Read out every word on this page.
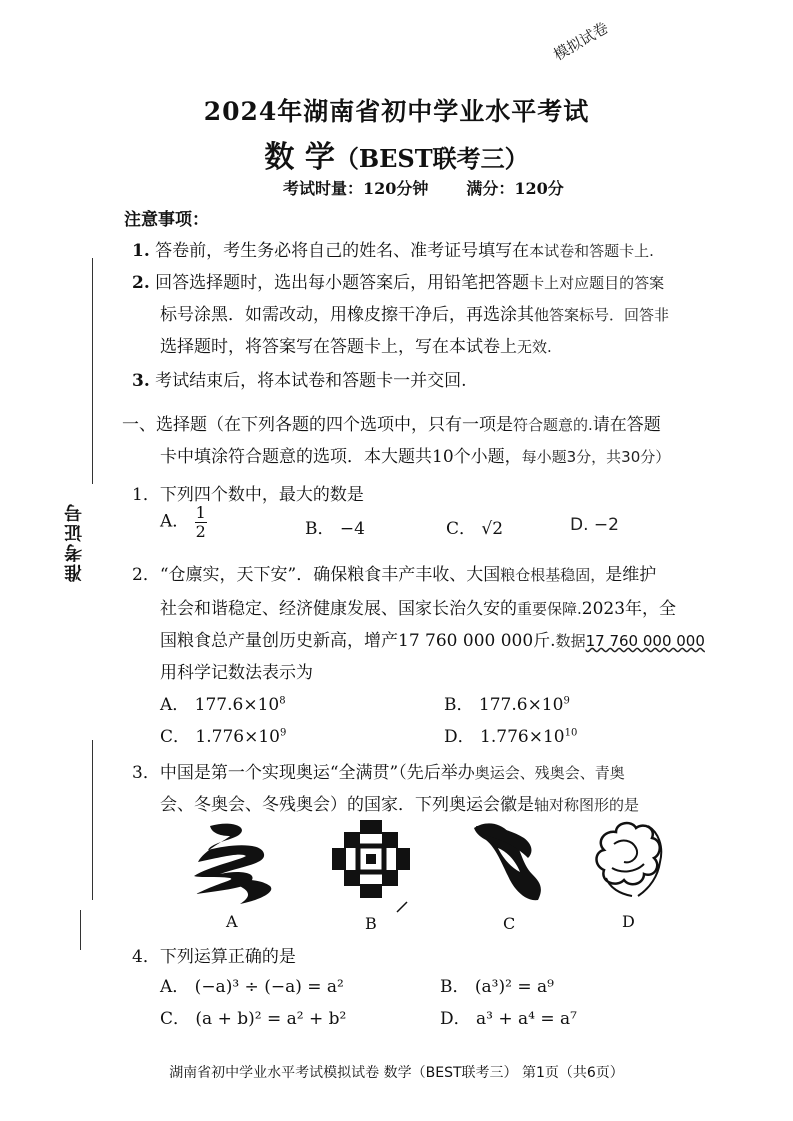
2024年湖南省初中学业水平考试
模拟试卷
数 学（BEST联考三）
考试时量：120分钟 满分：120分
注意事项：
1. 答卷前，考生务必将自己的姓名、准考证号填写在本试卷和答题卡上.
2. 回答选择题时，选出每小题答案后，用铅笔把答题卡上对应题目的答案
标号涂黑．如需改动，用橡皮擦干净后，再选涂其他答案标号．回答非
选择题时，将答案写在答题卡上，写在本试卷上无效.
3. 考试结束后，将本试卷和答题卡一并交回.
一、选择题（在下列各题的四个选项中，只有一项是符合题意的.请在答题
卡中填涂符合题意的选项．本大题共10个小题，每小题3分，共30分）
1．下列四个数中，最大的数是
A． $\frac{1}{2}$	B． −4	C． √2	D. −2
2．“仓廪实，天下安”．确保粮食丰产丰收、大国粮仓根基稳固，是维护
社会和谐稳定、经济健康发展、国家长治久安的重要保障.2023年，全
国粮食总产量创历史新高，增产17 760 000 000斤.数据17 760 000 000
用科学记数法表示为
A． $177.6\times 10^8$	B． $177.6\times 10^9$
C． $1.776\times 10^9$	D． $1.776\times 10^{10}$
3．中国是第一个实现奥运“全满贯”（先后举办奥运会、残奥会、青奥
会、冬奥会、冬残奥会）的国家．下列奥运会徽是轴对称图形的是
A	B	C	D
4．下列运算正确的是
A． (−a)³ ÷ (−a) = a²	B． (a³)² = a⁹
C． (a + b)² = a² + b²	D． a³ + a⁴ = a⁷
准考证号
湖南省初中学业水平考试模拟试卷 数学（BEST联考三） 第1页（共6页）
